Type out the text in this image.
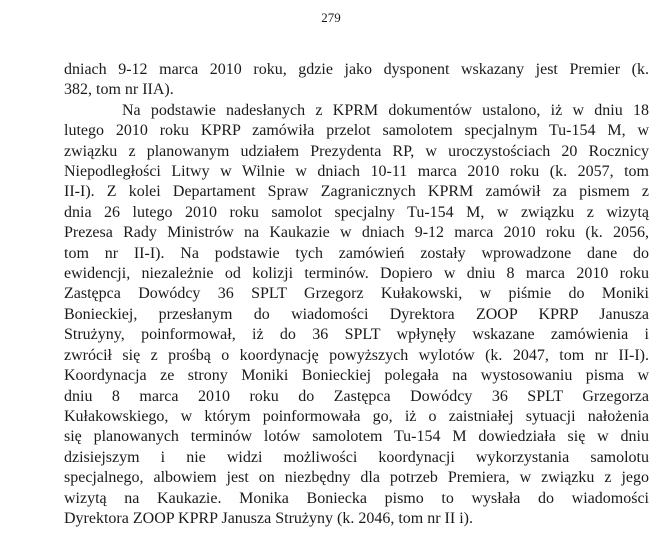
279
dniach 9-12 marca 2010 roku, gdzie jako dysponent wskazany jest Premier (k.
382, tom nr IIA).
Na podstawie nadesłanych z KPRM dokumentów ustalono, iż w dniu 18
lutego 2010 roku KPRP zamówiła przelot samolotem specjalnym Tu-154 M, w
związku z planowanym udziałem Prezydenta RP, w uroczystościach 20 Rocznicy
Niepodległości Litwy w Wilnie w dniach 10-11 marca 2010 roku (k. 2057, tom
II-I). Z kolei Departament Spraw Zagranicznych KPRM zamówił za pismem z
dnia 26 lutego 2010 roku samolot specjalny Tu-154 M, w związku z wizytą
Prezesa Rady Ministrów na Kaukazie w dniach 9-12 marca 2010 roku (k. 2056,
tom nr II-I). Na podstawie tych zamówień zostały wprowadzone dane do
ewidencji, niezależnie od kolizji terminów. Dopiero w dniu 8 marca 2010 roku
Zastępca Dowódcy 36 SPLT Grzegorz Kułakowski, w piśmie do Moniki
Bonieckiej, przesłanym do wiadomości Dyrektora ZOOP KPRP Janusza
Strużyny, poinformował, iż do 36 SPLT wpłynęły wskazane zamówienia i
zwrócił się z prośbą o koordynację powyższych wylotów (k. 2047, tom nr II-I).
Koordynacja ze strony Moniki Bonieckiej polegała na wystosowaniu pisma w
dniu 8 marca 2010 roku do Zastępca Dowódcy 36 SPLT Grzegorza
Kułakowskiego, w którym poinformowała go, iż o zaistniałej sytuacji nałożenia
się planowanych terminów lotów samolotem Tu-154 M dowiedziała się w dniu
dzisiejszym i nie widzi możliwości koordynacji wykorzystania samolotu
specjalnego, albowiem jest on niezbędny dla potrzeb Premiera, w związku z jego
wizytą na Kaukazie. Monika Boniecka pismo to wysłała do wiadomości
Dyrektora ZOOP KPRP Janusza Strużyny (k. 2046, tom nr II i).
